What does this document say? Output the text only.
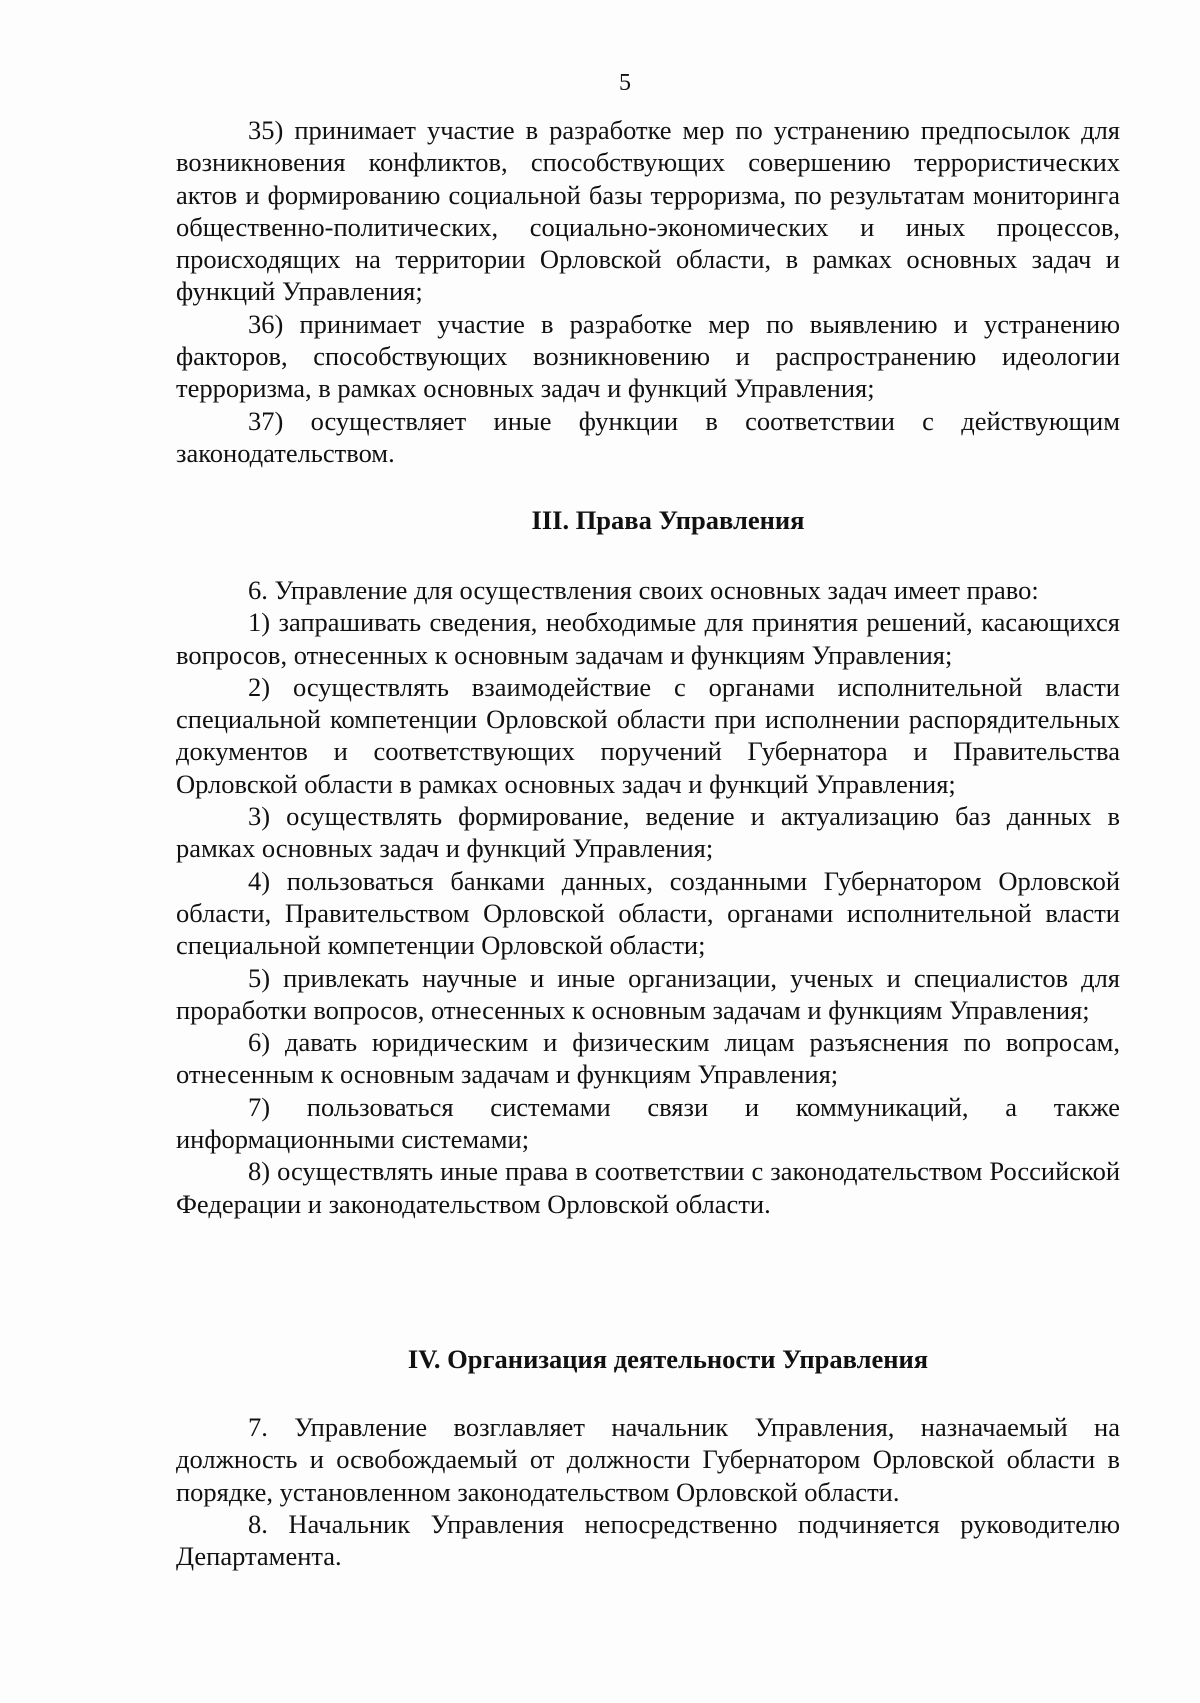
5

35) принимает участие в разработке мер по устранению предпосылок для возникновения конфликтов, способствующих совершению террористических актов и формированию социальной базы терроризма, по результатам мониторинга общественно-политических, социально-экономических и иных процессов, происходящих на территории Орловской области, в рамках основных задач и функций Управления;

36) принимает участие в разработке мер по выявлению и устранению факторов, способствующих возникновению и распространению идеологии терроризма, в рамках основных задач и функций Управления;

37) осуществляет иные функции в соответствии с действующим законодательством.

III. Права Управления

6. Управление для осуществления своих основных задач имеет право:

1) запрашивать сведения, необходимые для принятия решений, касающихся вопросов, отнесенных к основным задачам и функциям Управления;

2) осуществлять взаимодействие с органами исполнительной власти специальной компетенции Орловской области при исполнении распорядительных документов и соответствующих поручений Губернатора и Правительства Орловской области в рамках основных задач и функций Управления;

3) осуществлять формирование, ведение и актуализацию баз данных в рамках основных задач и функций Управления;

4) пользоваться банками данных, созданными Губернатором Орловской области, Правительством Орловской области, органами исполнительной власти специальной компетенции Орловской области;

5) привлекать научные и иные организации, ученых и специалистов для проработки вопросов, отнесенных к основным задачам и функциям Управления;

6) давать юридическим и физическим лицам разъяснения по вопросам, отнесенным к основным задачам и функциям Управления;

7) пользоваться системами связи и коммуникаций, а также информационными системами;

8) осуществлять иные права в соответствии с законодательством Российской Федерации и законодательством Орловской области.

IV. Организация деятельности Управления

7. Управление возглавляет начальник Управления, назначаемый на должность и освобождаемый от должности Губернатором Орловской области в порядке, установленном законодательством Орловской области.

8. Начальник Управления непосредственно подчиняется руководителю Департамента.
